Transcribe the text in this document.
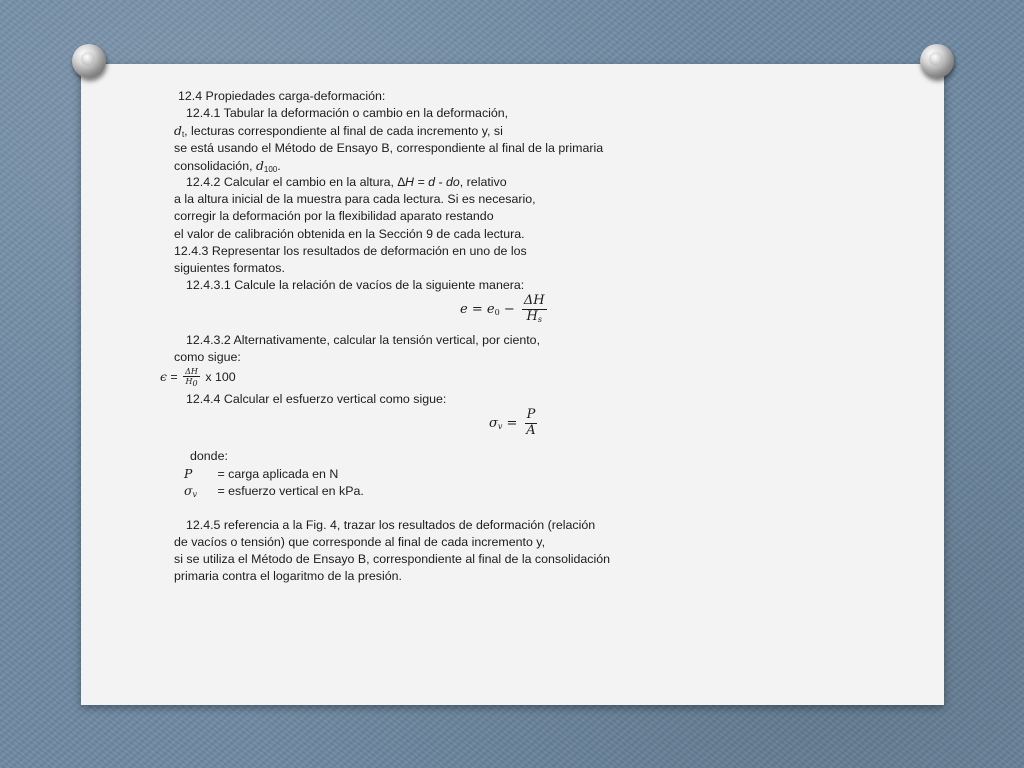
12.4 Propiedades carga-deformación:
12.4.1 Tabular la deformación o cambio en la deformación,
$d_t$, lecturas correspondiente al final de cada incremento y, si
se está usando el Método de Ensayo B, correspondiente al final de la primaria
consolidación, $d_{100}$.
12.4.2 Calcular el cambio en la altura, ∆H = d - do, relativo
a la altura inicial de la muestra para cada lectura. Si es necesario,
corregir la deformación por la flexibilidad aparato restando
el valor de calibración obtenida en la Sección 9 de cada lectura.
12.4.3 Representar los resultados de deformación en uno de los
siguientes formatos.
12.4.3.1 Calcule la relación de vacíos de la siguiente manera:
$e = e_0 - \frac{\Delta H}{H_s}$
12.4.3.2 Alternativamente, calcular la tensión vertical, por ciento,
como sigue:
$\epsilon = \frac{\Delta H}{H_0}$ x 100
12.4.4 Calcular el esfuerzo vertical como sigue:
$\sigma_v = \frac{P}{A}$
donde:
P = carga aplicada en N
$\sigma_v$ = esfuerzo vertical en kPa.
12.4.5 referencia a la Fig. 4, trazar los resultados de deformación (relación
de vacíos o tensión) que corresponde al final de cada incremento y,
si se utiliza el Método de Ensayo B, correspondiente al final de la consolidación
primaria contra el logaritmo de la presión.
